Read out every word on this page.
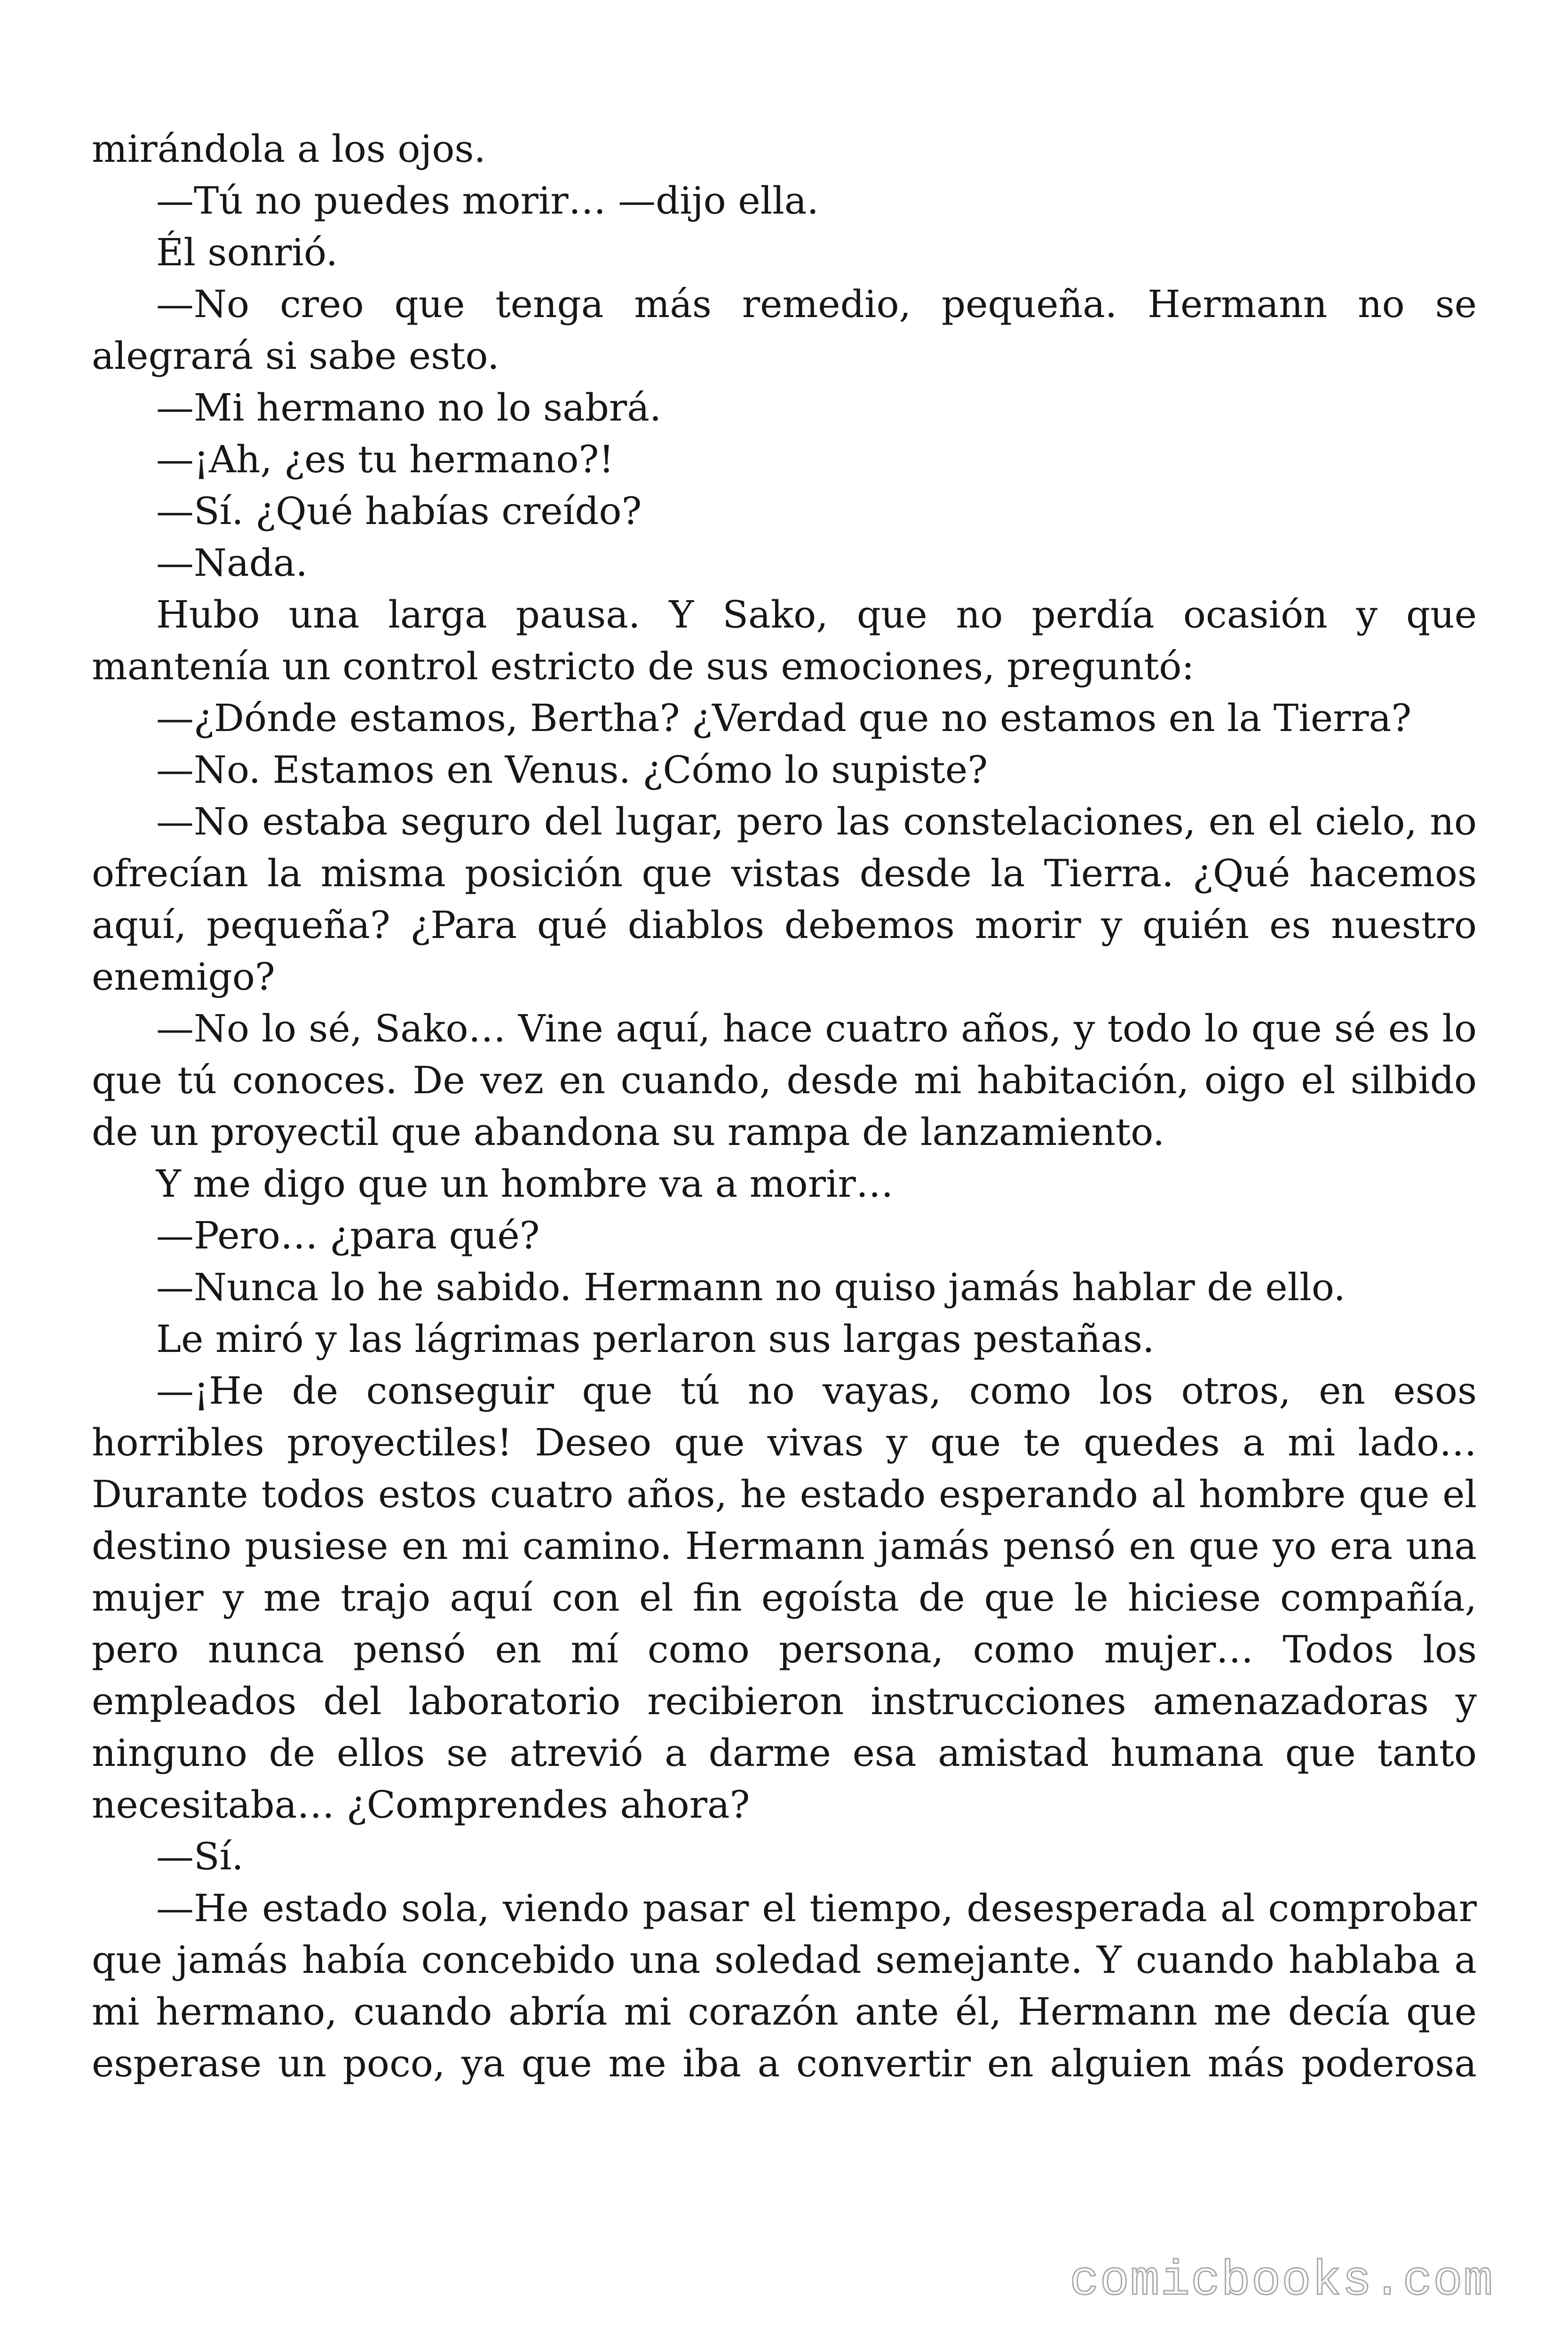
mirándola a los ojos.

—Tú no puedes morir… —dijo ella.

Él sonrió.

—No creo que tenga más remedio, pequeña. Hermann no se alegrará si sabe esto.

—Mi hermano no lo sabrá.

—¡Ah, ¿es tu hermano?!

—Sí. ¿Qué habías creído?

—Nada.

Hubo una larga pausa. Y Sako, que no perdía ocasión y que mantenía un control estricto de sus emociones, preguntó:

—¿Dónde estamos, Bertha? ¿Verdad que no estamos en la Tierra?

—No. Estamos en Venus. ¿Cómo lo supiste?

—No estaba seguro del lugar, pero las constelaciones, en el cielo, no ofrecían la misma posición que vistas desde la Tierra. ¿Qué hacemos aquí, pequeña? ¿Para qué diablos debemos morir y quién es nuestro enemigo?

—No lo sé, Sako… Vine aquí, hace cuatro años, y todo lo que sé es lo que tú conoces. De vez en cuando, desde mi habitación, oigo el silbido de un proyectil que abandona su rampa de lanzamiento.

Y me digo que un hombre va a morir…

—Pero… ¿para qué?

—Nunca lo he sabido. Hermann no quiso jamás hablar de ello.

Le miró y las lágrimas perlaron sus largas pestañas.

—¡He de conseguir que tú no vayas, como los otros, en esos horribles proyectiles! Deseo que vivas y que te quedes a mi lado… Durante todos estos cuatro años, he estado esperando al hombre que el destino pusiese en mi camino. Hermann jamás pensó en que yo era una mujer y me trajo aquí con el fin egoísta de que le hiciese compañía, pero nunca pensó en mí como persona, como mujer… Todos los empleados del laboratorio recibieron instrucciones amenazadoras y ninguno de ellos se atrevió a darme esa amistad humana que tanto necesitaba… ¿Comprendes ahora?

—Sí.

—He estado sola, viendo pasar el tiempo, desesperada al comprobar que jamás había concebido una soledad semejante. Y cuando hablaba a mi hermano, cuando abría mi corazón ante él, Hermann me decía que esperase un poco, ya que me iba a convertir en alguien más poderosa

comicbooks.com
